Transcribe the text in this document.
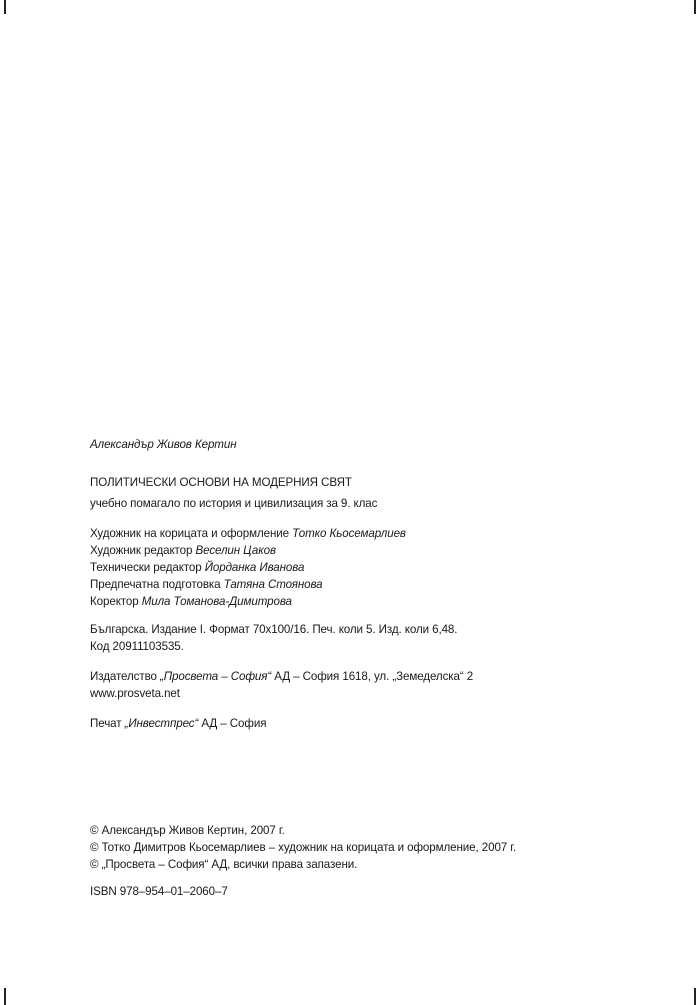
Александър Живов Кертин
ПОЛИТИЧЕСКИ ОСНОВИ НА МОДЕРНИЯ СВЯТ
учебно помагало по история и цивилизация за 9. клас
Художник на корицата и оформление Тотко Кьосемарлиев
Художник редактор Веселин Цаков
Технически редактор Йорданка Иванова
Предпечатна подготовка Татяна Стоянова
Коректор Мила Томанова-Димитрова
Българска. Издание I. Формат 70х100/16. Печ. коли 5. Изд. коли 6,48.
Код 20911103535.
Издателство „Просвета – София“ АД – София 1618, ул. „Земеделска“ 2
www.prosveta.net
Печат „Инвестпрес“ АД – София
© Александър Живов Кертин, 2007 г.
© Тотко Димитров Кьосемарлиев – художник на корицата и оформление, 2007 г.
© „Просвета – София“ АД, всички права запазени.
ISBN 978–954–01–2060–7
